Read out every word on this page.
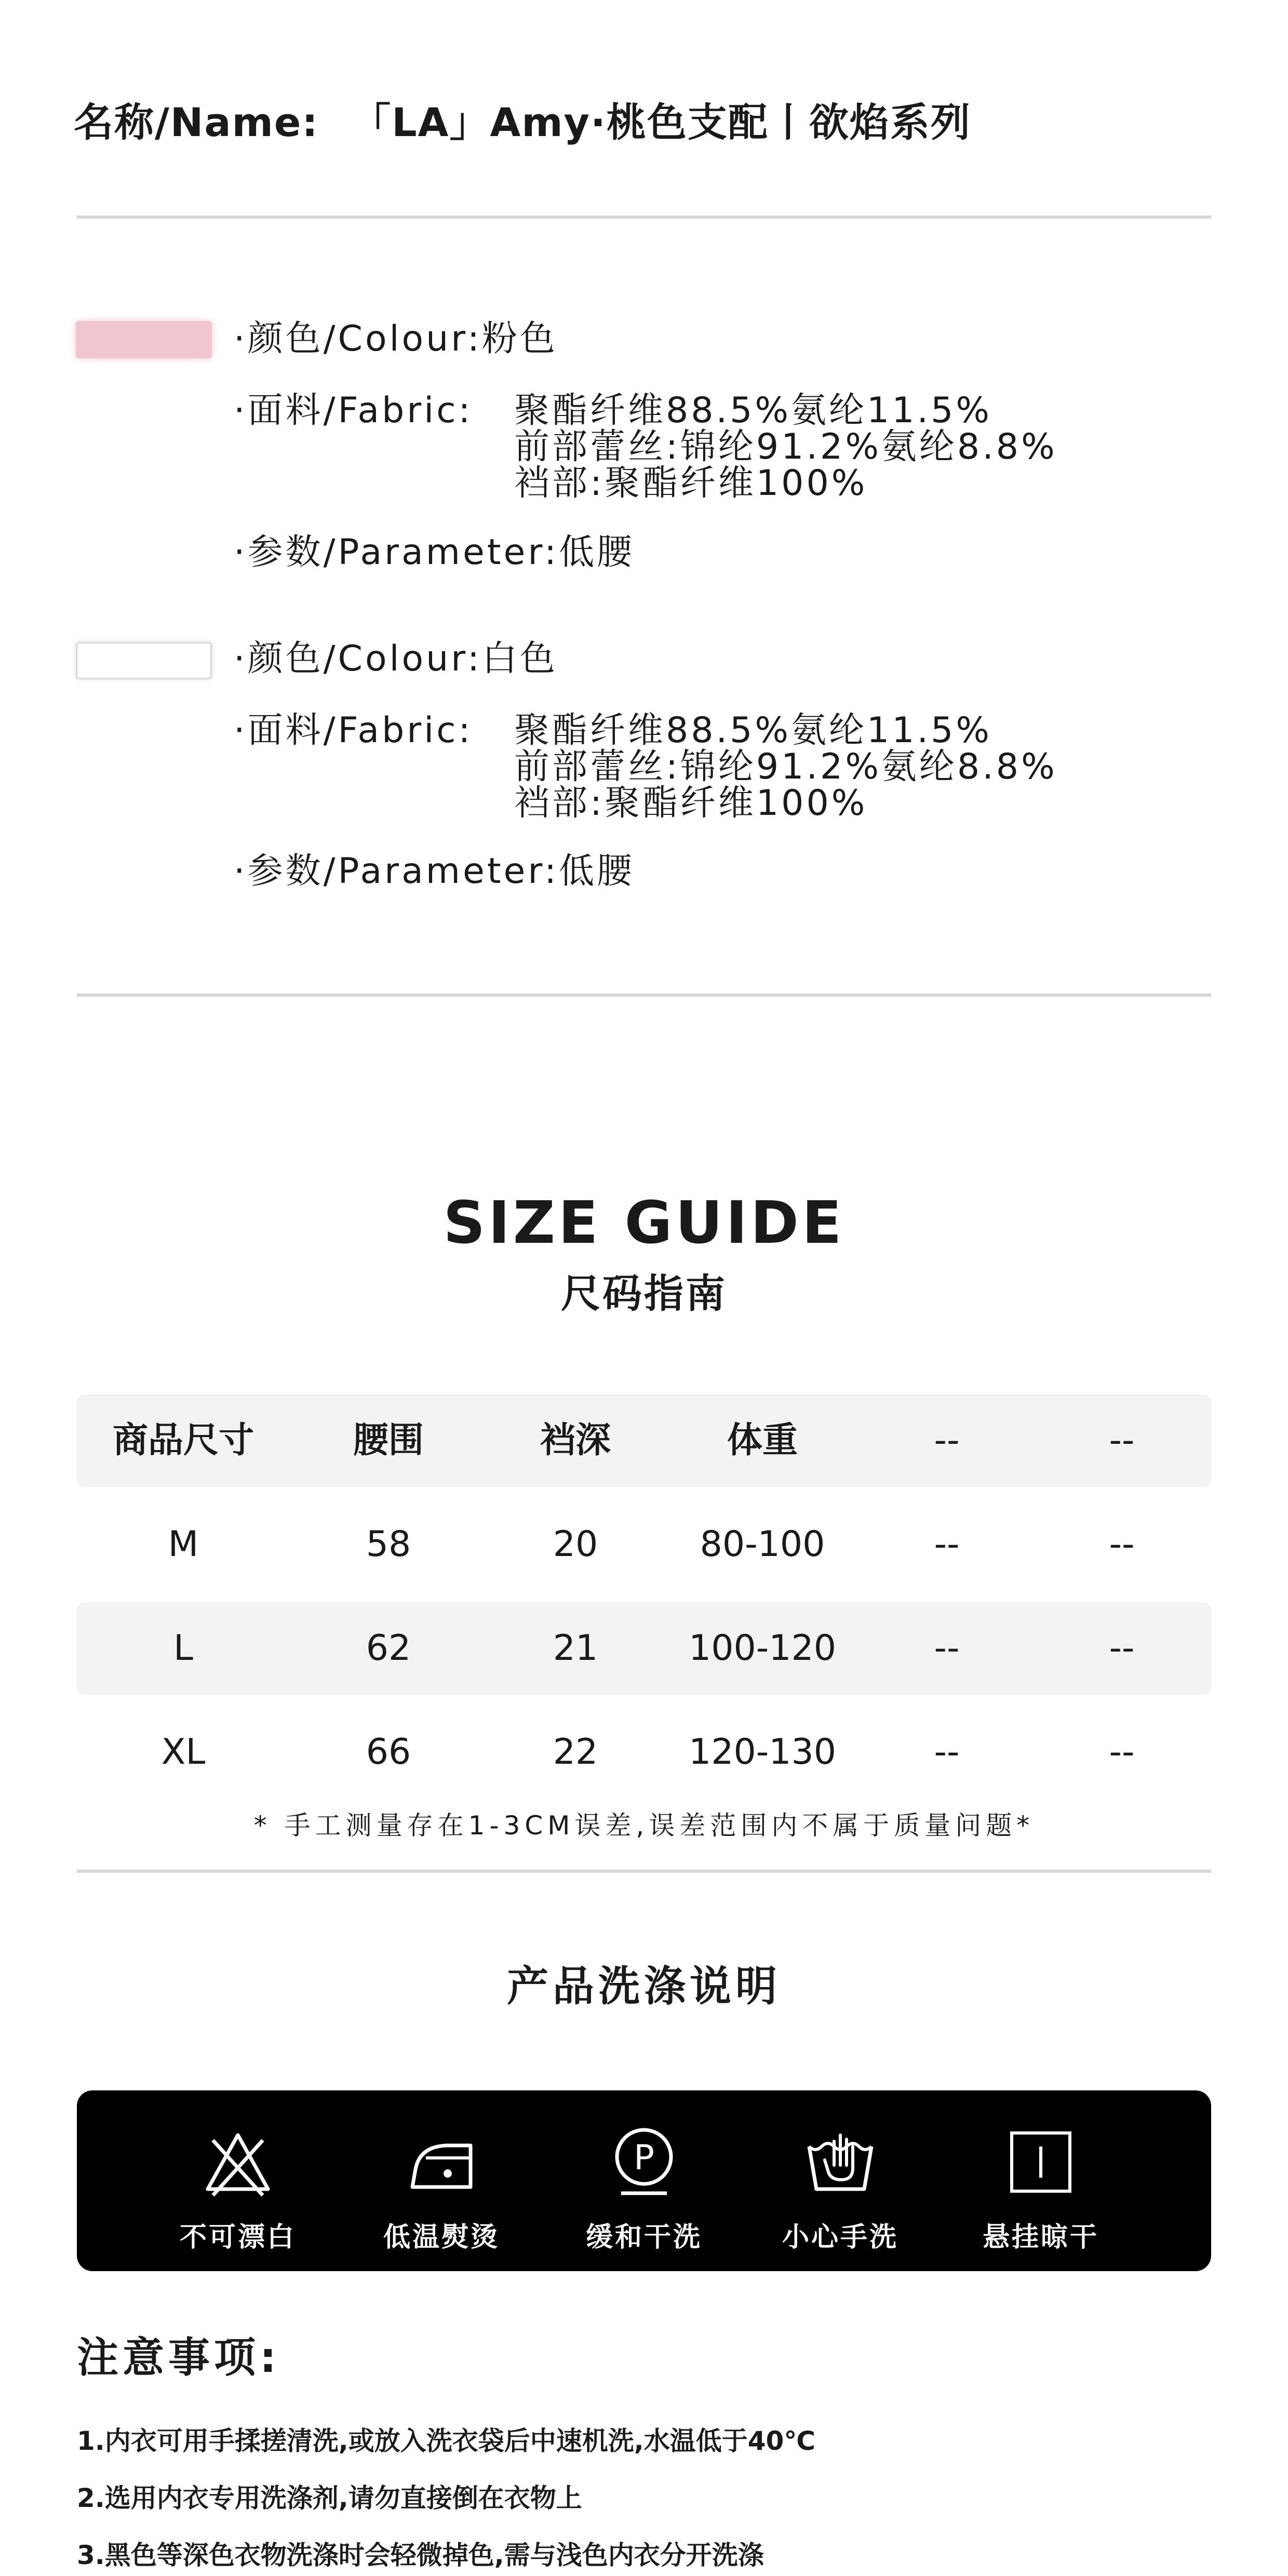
名称/Name: 「LA」Amy·桃色支配丨欲焰系列
·颜色/Colour:粉色
·面料/Fabric: 聚酯纤维88.5%氨纶11.5%
前部蕾丝:锦纶91.2%氨纶8.8%
裆部:聚酯纤维100%
·参数/Parameter:低腰
·颜色/Colour:白色
·面料/Fabric: 聚酯纤维88.5%氨纶11.5%
前部蕾丝:锦纶91.2%氨纶8.8%
裆部:聚酯纤维100%
·参数/Parameter:低腰
SIZE GUIDE
尺码指南
商品尺寸	腰围	裆深	体重	--	--
M	58	20	80-100	--	--
L	62	21	100-120	--	--
XL	66	22	120-130	--	--
* 手工测量存在1-3CM误差,误差范围内不属于质量问题*
产品洗涤说明
不可漂白	低温熨烫
P
缓和干洗	小心手洗	悬挂晾干
注意事项:
1.内衣可用手揉搓清洗,或放入洗衣袋后中速机洗,水温低于40℃
2.选用内衣专用洗涤剂,请勿直接倒在衣物上
3.黑色等深色衣物洗涤时会轻微掉色,需与浅色内衣分开洗涤
